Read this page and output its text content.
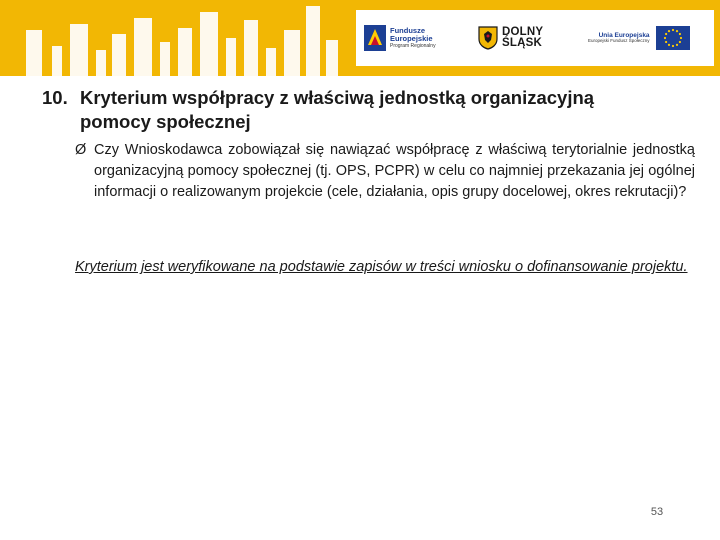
Fundusze
Europejskie
Program Regionalny
DOLNY
ŚLĄSK
Unia Europejska
Europejski Fundusz Społeczny
10. Kryterium współpracy z właściwą jednostką organizacyjną
pomocy społecznej
Ø Czy Wnioskodawca zobowiązał się nawiązać współpracę z właściwą terytorialnie jednostką organizacyjną pomocy społecznej (tj. OPS, PCPR) w celu co najmniej przekazania jej ogólnej informacji o realizowanym projekcie (cele, działania, opis grupy docelowej, okres rekrutacji)?
Kryterium jest weryfikowane na podstawie zapisów w treści wniosku o dofinansowanie projektu.
53
